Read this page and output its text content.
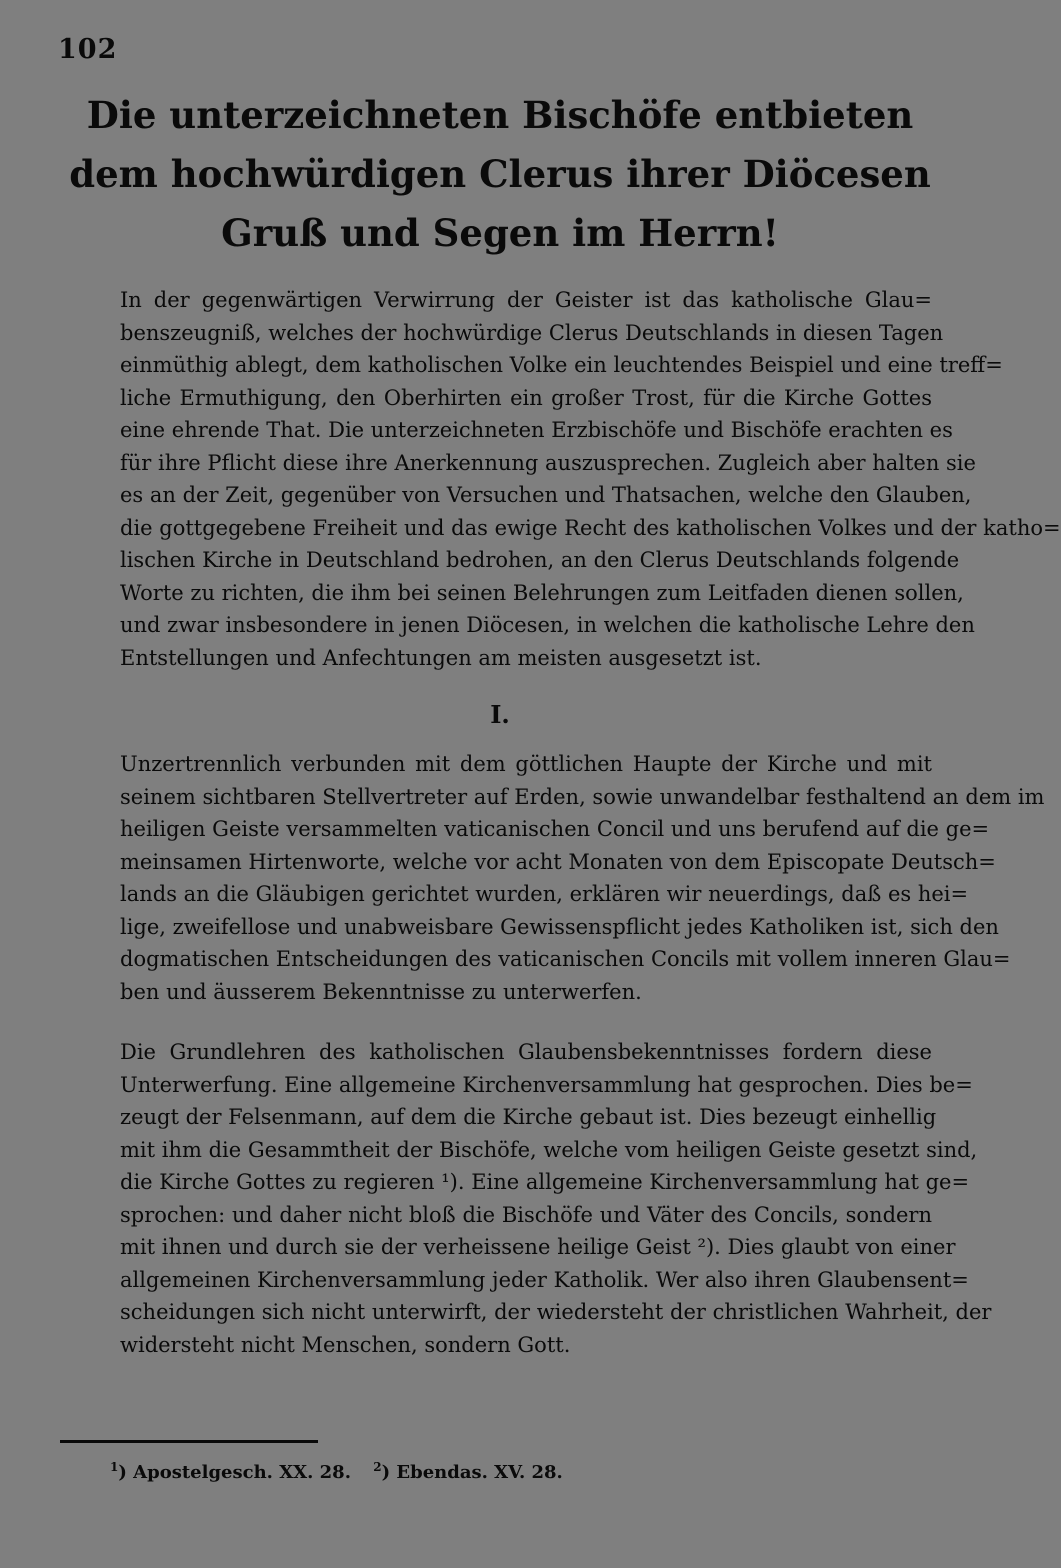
102
Die unterzeichneten Bischöfe entbieten dem hochwürdigen Clerus ihrer Diöcesen Gruß und Segen im Herrn!

In der gegenwärtigen Verwirrung der Geister ist das katholische Glau=
benszeugniß, welches der hochwürdige Clerus Deutschlands in diesen Tagen
einmüthig ablegt, dem katholischen Volke ein leuchtendes Beispiel und eine treff=
liche Ermuthigung, den Oberhirten ein großer Trost, für die Kirche Gottes
eine ehrende That. Die unterzeichneten Erzbischöfe und Bischöfe erachten es
für ihre Pflicht diese ihre Anerkennung auszusprechen. Zugleich aber halten sie
es an der Zeit, gegenüber von Versuchen und Thatsachen, welche den Glauben,
die gottgegebene Freiheit und das ewige Recht des katholischen Volkes und der katho=
lischen Kirche in Deutschland bedrohen, an den Clerus Deutschlands folgende
Worte zu richten, die ihm bei seinen Belehrungen zum Leitfaden dienen sollen,
und zwar insbesondere in jenen Diöcesen, in welchen die katholische Lehre den
Entstellungen und Anfechtungen am meisten ausgesetzt ist.

I.

Unzertrennlich verbunden mit dem göttlichen Haupte der Kirche und mit
seinem sichtbaren Stellvertreter auf Erden, sowie unwandelbar festhaltend an dem im
heiligen Geiste versammelten vaticanischen Concil und uns berufend auf die ge=
meinsamen Hirtenworte, welche vor acht Monaten von dem Episcopate Deutsch=
lands an die Gläubigen gerichtet wurden, erklären wir neuerdings, daß es hei=
lige, zweifellose und unabweisbare Gewissenspflicht jedes Katholiken ist, sich den
dogmatischen Entscheidungen des vaticanischen Concils mit vollem inneren Glau=
ben und äusserem Bekenntnisse zu unterwerfen.

Die Grundlehren des katholischen Glaubensbekenntnisses fordern diese
Unterwerfung. Eine allgemeine Kirchenversammlung hat gesprochen. Dies be=
zeugt der Felsenmann, auf dem die Kirche gebaut ist. Dies bezeugt einhellig
mit ihm die Gesammtheit der Bischöfe, welche vom heiligen Geiste gesetzt sind,
die Kirche Gottes zu regieren ¹). Eine allgemeine Kirchenversammlung hat ge=
sprochen: und daher nicht bloß die Bischöfe und Väter des Concils, sondern
mit ihnen und durch sie der verheissene heilige Geist ²). Dies glaubt von einer
allgemeinen Kirchenversammlung jeder Katholik. Wer also ihren Glaubensent=
scheidungen sich nicht unterwirft, der wiedersteht der christlichen Wahrheit, der
widersteht nicht Menschen, sondern Gott.

$^1$) Apostelgesch. XX. 28. $^2$) Ebendas. XV. 28.
